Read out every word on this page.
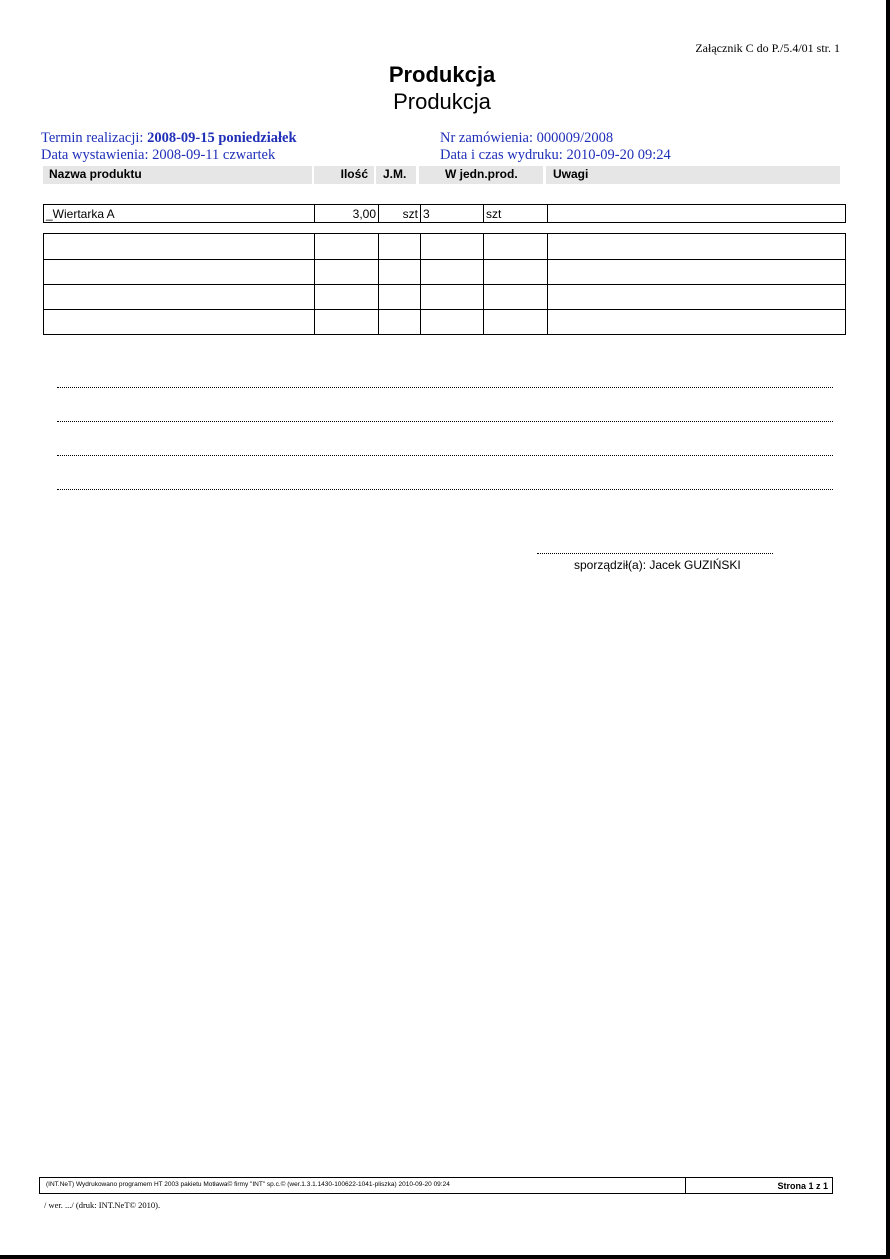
Załącznik C do P./5.4/01 str. 1
Produkcja
Produkcja
Termin realizacji: 2008-09-15 poniedziałek
Data wystawienia: 2008-09-11 czwartek
Nr zamówienia: 000009/2008
Data i czas wydruku: 2010-09-20 09:24
Nazwa produktu	Ilość	J.M.	W jedn.prod.	Uwagi
_Wiertarka A	3,00	szt	3	szt	

sporządził(a): Jacek GUZIŃSKI
(INT.NeT) Wydrukowano programem HT 2003 pakietu Motława© firmy "INT" sp.c.© (wer.1.3.1.1430-100622-1041-pliszka) 2010-09-20 09:24	Strona 1 z 1
/ wer. .../ (druk: INT.NeT© 2010).
